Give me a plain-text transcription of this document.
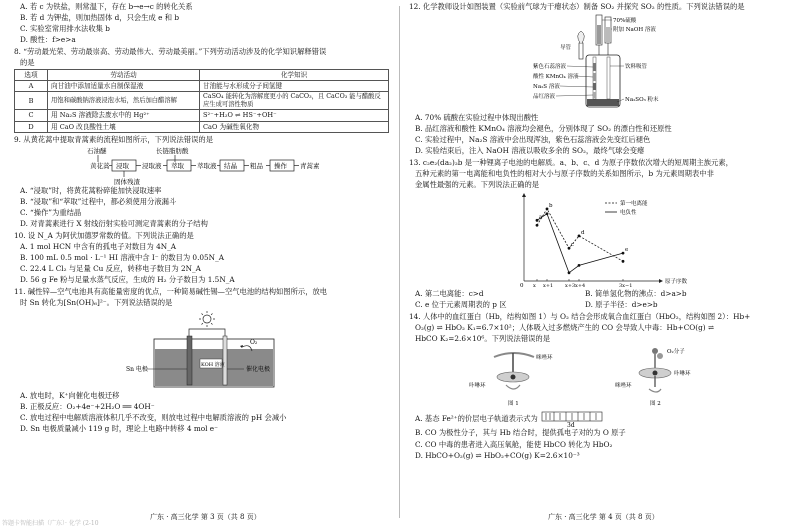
A. 若 c 为铁盐，则常温下，存在 b→e→c 的转化关系

B. 若 d 为钾盐，则加热固体 d，只会生成 e 和 b

C. 实验室常用排水法收集 b

D. 酸性：f>e>a

8. “劳动最光荣、劳动最崇高、劳动最伟大、劳动最美丽。”下列劳动活动涉及的化学知识解释错误

的是

选项	劳动活动	化学知识
A	向甘油中添加适量水自制保湿液	甘油能与水形成分子间氢键
B	用饱和碳酸钠溶液浸泡水垢，然后加白醋溶解	CaSO₄ 能转化为溶解度更小的 CaCO₃，且 CaCO₃ 能与醋酸反应生成可溶性物质
C	用 Na₂S 溶液除去废水中的 Hg²⁺	S²⁻+H₂O ⇌ HS⁻+OH⁻
D	用 CaO 改良酸性土壤	CaO 为碱性氧化物

9. 从黄花蒿中提取青蒿素的流程如图所示，下列说法错误的是

石油醚	长链脂肪酸
黄花蒿 浸取 浸取液 萃取 萃取液 结晶 粗品 操作 青蒿素
固体残渣

A. “浸取”时，将黄花蒿粉碎能加快浸取速率

B. “浸取”和“萃取”过程中，都必须使用分液漏斗

C. “操作”为重结晶

D. 对青蒿素进行 X 射线衍射实验可测定青蒿素的分子结构

10. 设 N_A 为阿伏加德罗常数的值。下列说法正确的是

A. 1 mol HCN 中含有的孤电子对数目为 4N_A

B. 100 mL 0.5 mol · L⁻¹ HI 溶液中含 I⁻ 的数目为 0.05N_A

C. 22.4 L Cl₂ 与足量 Cu 反应，转移电子数目为 2N_A

D. 56 g Fe 粉与足量水蒸气反应，生成的 H₂ 分子数目为 1.5N_A

11. 碱性锌—空气电池具有高能量密度的优点，一种简易碱性锡—空气电池的结构如图所示，放电

时 Sn 转化为[Sn(OH)₆]²⁻。下列说法错误的是

KOH 溶液
Sn 电极	催化电极
O₂

A. 放电时，K⁺向催化电极迁移

B. 正极反应：O₂+4e⁻+2H₂O ══ 4OH⁻

C. 放电过程中电解质溶液体积几乎不改变，则放电过程中电解质溶液的 pH 会减小

D. Sn 电极质量减小 119 g 时，理论上电路中转移 4 mol e⁻

12. 化学教师设计如图装置（实验前气球为干瘪状态）制备 SO₂ 并探究 SO₂ 的性质。下列说法错误的是

70%硫酸
附加 NaOH 溶液
导管
饮料吸管
紫色石蕊溶液
酸性 KMnO₄ 溶液
Na₂S 溶液
品红溶液	Na₂SO₃ 粉末

A. 70% 硫酸在实验过程中体现出酸性

B. 品红溶液和酸性 KMnO₄ 溶液均会褪色，分别体现了 SO₂ 的漂白性和还原性

C. 实验过程中，Na₂S 溶液中会出现浑浊，紫色石蕊溶液会先变红后褪色

D. 实验结束后，注入 NaOH 溶液以吸收多余的 SO₂，最终气球会变瘪

13. c₂e₂(da₂)₂b 是一种锂离子电池的电解质。a、b、c、d 为原子序数依次增大的短周期主族元素，

五种元素的第一电离能和电负性的相对大小与原子序数的关系如图所示，b 为元素周期表中非

金属性最强的元素。下列说法正确的是

0
原子序数
x x+1 x+3 x+4	3x−1
a
b
c
d
e
第一电离能
电负性

A. 第二电离能：c>d	B. 简单氢化物的沸点：d>a>b

C. e 位于元素周期表的 p 区	D. 原子半径：d>e>b

14. 人体中的血红蛋白（Hb，结构如图 1）与 O₂ 结合会形成氧合血红蛋白（HbO₂，结构如图 2）：Hb+

O₂(g) ⇌ HbO₂ K₁=6.7×10²；人体吸入过多燃烧产生的 CO 会导致人中毒：Hb+CO(g) ⇌

HbCO K₂=2.6×10⁶。下列说法错误的是

咪唑环
卟啉环
图 1
O₂分子
卟啉环
咪唑环
图 2

A. 基态 Fe²⁺的价层电子轨道表示式为
3d

B. CO 为极性分子，其与 Hb 结合时，提供孤电子对的为 O 原子

C. CO 中毒的患者进入高压氧舱，能使 HbCO 转化为 HbO₂

D. HbCO+O₂(g) ⇌ HbO₂+CO(g) K=2.6×10⁻³

广东 · 高三化学 第 3 页（共 8 页）	广东 · 高三化学 第 4 页（共 8 页）
答题卡智能扫描（广东）· 化学 (2-10
